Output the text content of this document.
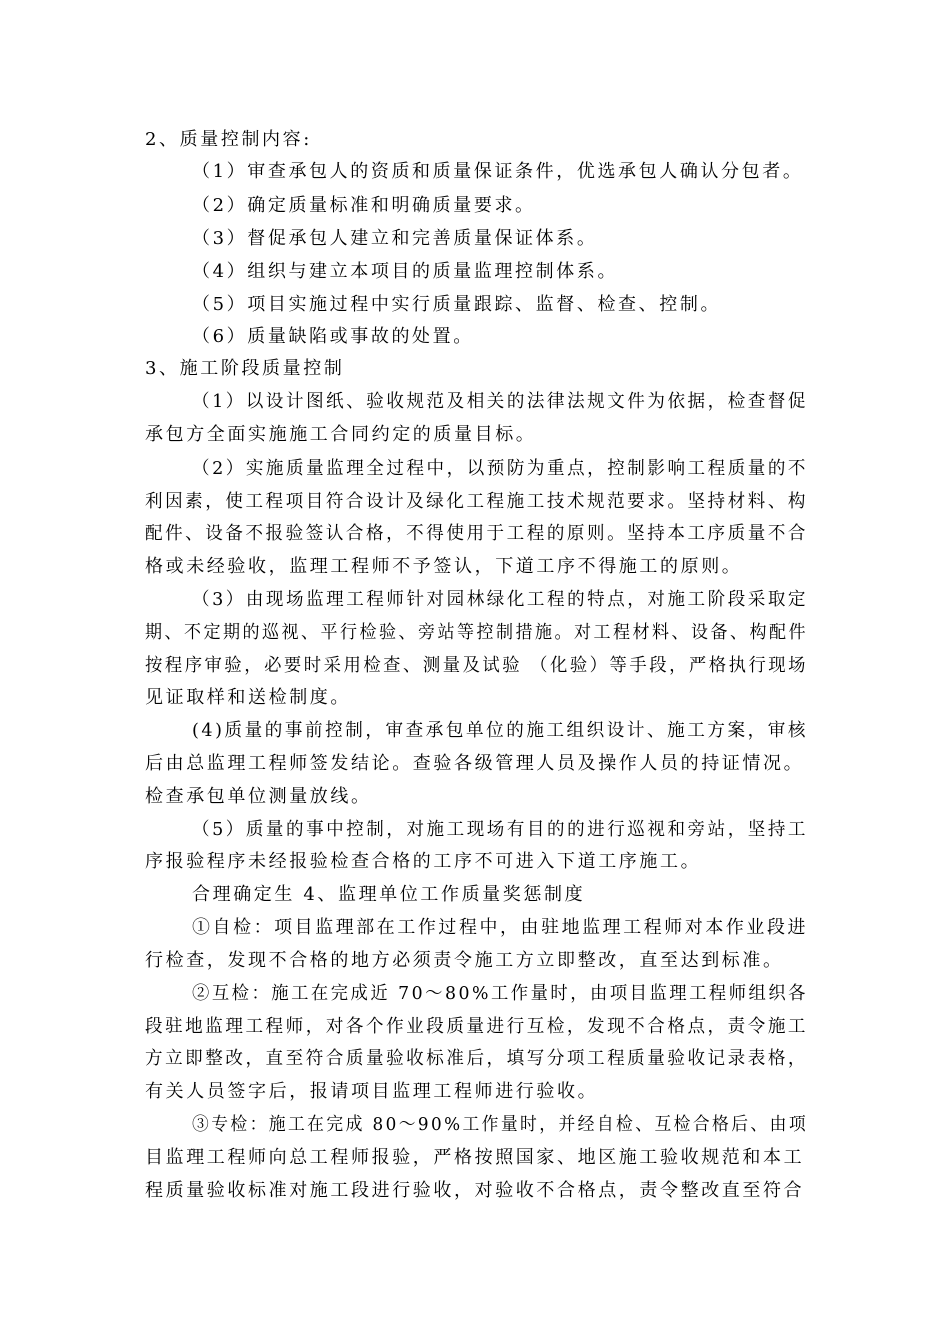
2、质量控制内容:
（1）审查承包人的资质和质量保证条件，优选承包人确认分包者。
（2）确定质量标准和明确质量要求。
（3）督促承包人建立和完善质量保证体系。
（4）组织与建立本项目的质量监理控制体系。
（5）项目实施过程中实行质量跟踪、监督、检查、控制。
（6）质量缺陷或事故的处置。
3、施工阶段质量控制
（1）以设计图纸、验收规范及相关的法律法规文件为依据，检查督促
承包方全面实施施工合同约定的质量目标。
（2）实施质量监理全过程中，以预防为重点，控制影响工程质量的不
利因素，使工程项目符合设计及绿化工程施工技术规范要求。坚持材料、构
配件、设备不报验签认合格，不得使用于工程的原则。坚持本工序质量不合
格或未经验收，监理工程师不予签认，下道工序不得施工的原则。
（3）由现场监理工程师针对园林绿化工程的特点，对施工阶段采取定
期、不定期的巡视、平行检验、旁站等控制措施。对工程材料、设备、构配件
按程序审验，必要时采用检查、测量及试验 （化验）等手段，严格执行现场
见证取样和送检制度。
(4)质量的事前控制，审查承包单位的施工组织设计、施工方案，审核
后由总监理工程师签发结论。查验各级管理人员及操作人员的持证情况。
检查承包单位测量放线。
（5）质量的事中控制，对施工现场有目的的进行巡视和旁站，坚持工
序报验程序未经报验检查合格的工序不可进入下道工序施工。
合理确定生 4、监理单位工作质量奖惩制度
①自检：项目监理部在工作过程中，由驻地监理工程师对本作业段进
行检查，发现不合格的地方必须责令施工方立即整改，直至达到标准。
②互检：施工在完成近 70～80%工作量时，由项目监理工程师组织各
段驻地监理工程师，对各个作业段质量进行互检，发现不合格点，责令施工
方立即整改，直至符合质量验收标准后，填写分项工程质量验收记录表格，
有关人员签字后，报请项目监理工程师进行验收。
③专检：施工在完成 80～90%工作量时，并经自检、互检合格后、由项
目监理工程师向总工程师报验，严格按照国家、地区施工验收规范和本工
程质量验收标准对施工段进行验收，对验收不合格点，责令整改直至符合
